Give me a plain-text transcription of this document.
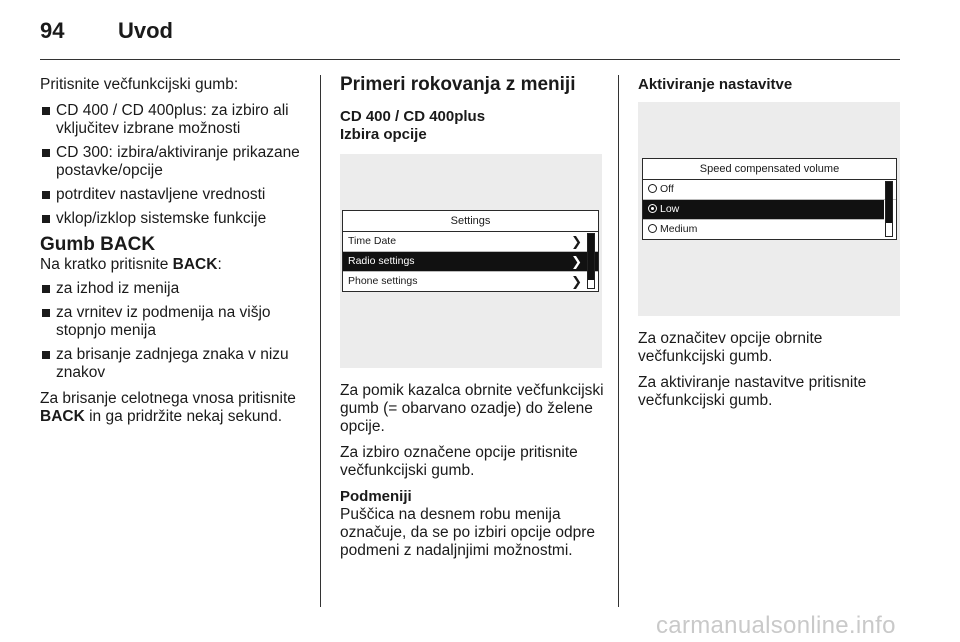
94 Uvod

Pritisnite večfunkcijski gumb:

CD 400 / CD 400plus: za izbiro ali vključitev izbrane možnosti
CD 300: izbira/aktiviranje prikazane postavke/opcije
potrditev nastavljene vrednosti
vklop/izklop sistemske funkcije
Gumb BACK

Na kratko pritisnite BACK:

za izhod iz menija
za vrnitev iz podmenija na višjo stopnjo menija
za brisanje zadnjega znaka v nizu znakov

Za brisanje celotnega vnosa pritisnite BACK in ga pridržite nekaj sekund.

Primeri rokovanja z meniji
CD 400 / CD 400plus
Izbira opcije
Settings
Time Date	❯
Radio settings	❯
Phone settings	❯

Za pomik kazalca obrnite večfunkcijski gumb (= obarvano ozadje) do želene opcije.

Za izbiro označene opcije pritisnite večfunkcijski gumb.

Podmeniji

Puščica na desnem robu menija označuje, da se po izbiri opcije odpre podmeni z nadaljnjimi možnostmi.

Aktiviranje nastavitve
Speed compensated volume
Off
Low
Medium

Za označitev opcije obrnite večfunkcijski gumb.

Za aktiviranje nastavitve pritisnite večfunkcijski gumb.

carmanualsonline.info
